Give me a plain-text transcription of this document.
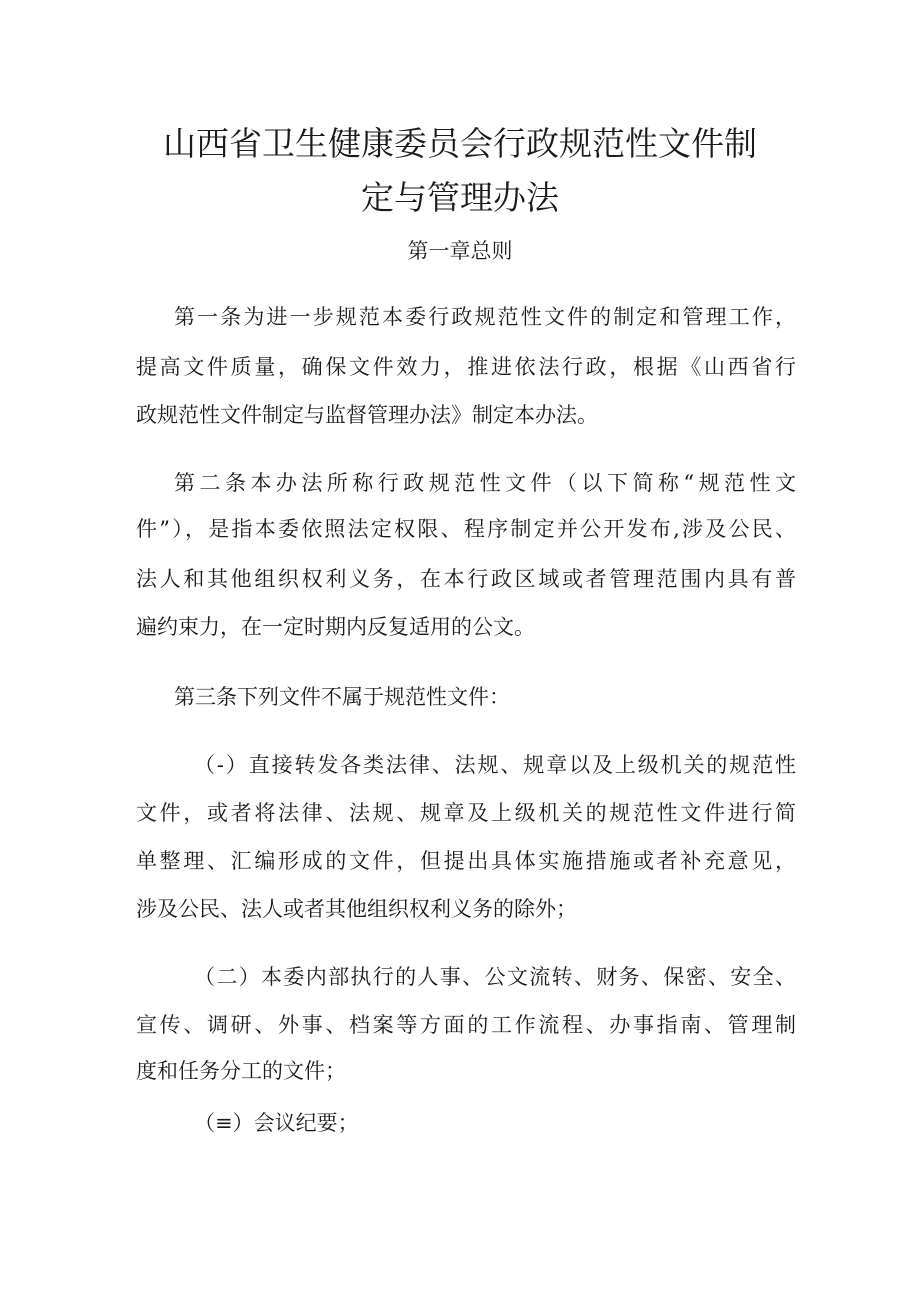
山西省卫生健康委员会行政规范性文件制
定与管理办法
第一章总则
第一条为进一步规范本委行政规范性文件的制定和管理工作，
提高文件质量，确保文件效力，推进依法行政，根据《山西省行
政规范性文件制定与监督管理办法》制定本办法。
第二条本办法所称行政规范性文件（以下简称“规范性文
件”），是指本委依照法定权限、程序制定并公开发布,涉及公民、
法人和其他组织权利义务，在本行政区域或者管理范围内具有普
遍约束力，在一定时期内反复适用的公文。
第三条下列文件不属于规范性文件：
（-）直接转发各类法律、法规、规章以及上级机关的规范性
文件，或者将法律、法规、规章及上级机关的规范性文件进行简
单整理、汇编形成的文件，但提出具体实施措施或者补充意见，
涉及公民、法人或者其他组织权利义务的除外；
（二）本委内部执行的人事、公文流转、财务、保密、安全、
宣传、调研、外事、档案等方面的工作流程、办事指南、管理制
度和任务分工的文件；
（≡）会议纪要；
